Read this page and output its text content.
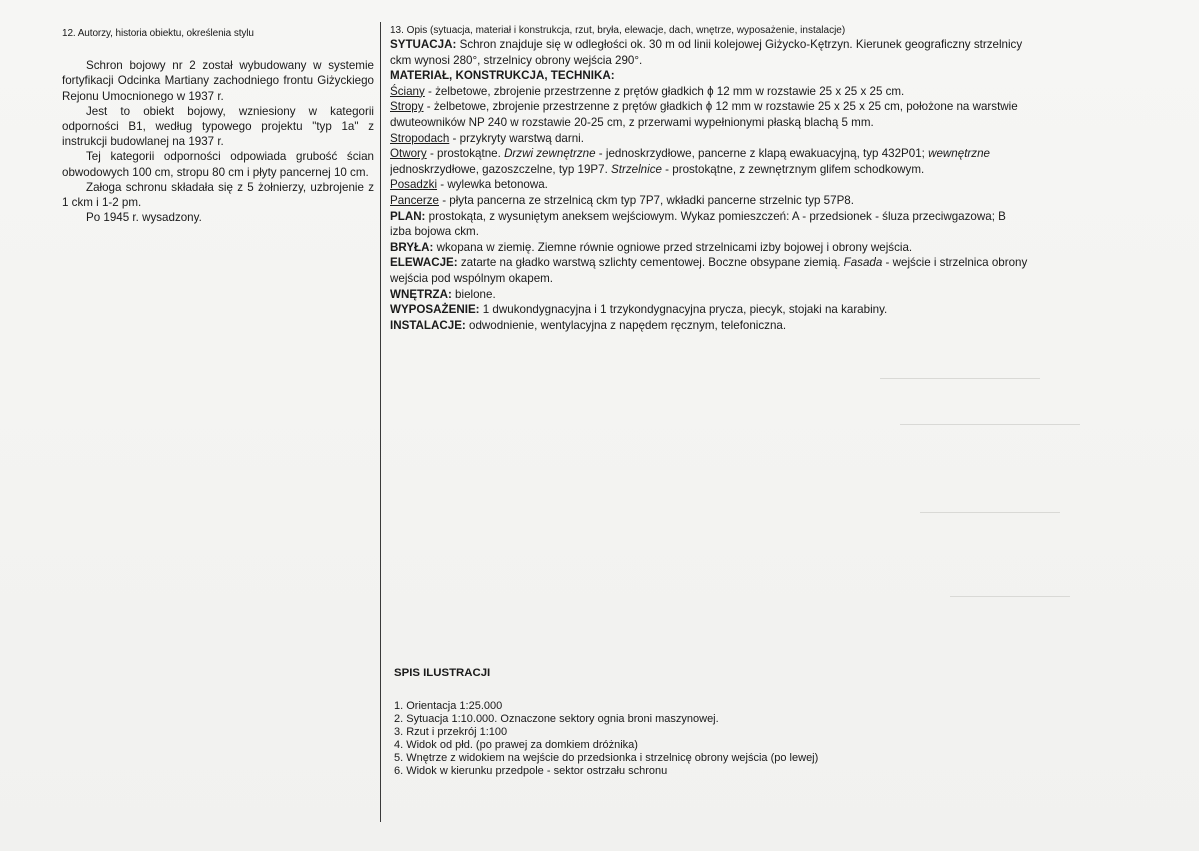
12. Autorzy, historia obiektu, określenia stylu

Schron bojowy nr 2 został wybudowany w systemie fortyfikacji Odcinka Martiany zachodniego frontu Giżyckiego Rejonu Umocnionego w 1937 r.

Jest to obiekt bojowy, wzniesiony w kategorii odporności B1, według typowego projektu "typ 1a" z instrukcji budowlanej na 1937 r.

Tej kategorii odporności odpowiada grubość ścian obwodowych 100 cm, stropu 80 cm i płyty pancernej 10 cm.

Załoga schronu składała się z 5 żołnierzy, uzbrojenie z 1 ckm i 1-2 pm.

Po 1945 r. wysadzony.

13. Opis (sytuacja, materiał i konstrukcja, rzut, bryła, elewacje, dach, wnętrze, wyposażenie, instalacje)
SYTUACJA: Schron znajduje się w odległości ok. 30 m od linii kolejowej Giżycko-Kętrzyn. Kierunek geograficzny strzelnicy
ckm wynosi 280°, strzelnicy obrony wejścia 290°.
MATERIAŁ, KONSTRUKCJA, TECHNIKA:
Ściany - żelbetowe, zbrojenie przestrzenne z prętów gładkich ϕ 12 mm w rozstawie 25 x 25 x 25 cm.
Stropy - żelbetowe, zbrojenie przestrzenne z prętów gładkich ϕ 12 mm w rozstawie 25 x 25 x 25 cm, położone na warstwie
dwuteowników NP 240 w rozstawie 20-25 cm, z przerwami wypełnionymi płaską blachą 5 mm.
Stropodach - przykryty warstwą darni.
Otwory - prostokątne. Drzwi zewnętrzne - jednoskrzydłowe, pancerne z klapą ewakuacyjną, typ 432P01; wewnętrzne
jednoskrzydłowe, gazoszczelne, typ 19P7. Strzelnice - prostokątne, z zewnętrznym glifem schodkowym.
Posadzki - wylewka betonowa.
Pancerze - płyta pancerna ze strzelnicą ckm typ 7P7, wkładki pancerne strzelnic typ 57P8.
PLAN: prostokąta, z wysuniętym aneksem wejściowym. Wykaz pomieszczeń: A - przedsionek - śluza przeciwgazowa; B
izba bojowa ckm.
BRYŁA: wkopana w ziemię. Ziemne równie ogniowe przed strzelnicami izby bojowej i obrony wejścia.
ELEWACJE: zatarte na gładko warstwą szlichty cementowej. Boczne obsypane ziemią. Fasada - wejście i strzelnica obrony
wejścia pod wspólnym okapem.
WNĘTRZA: bielone.
WYPOSAŻENIE: 1 dwukondygnacyjna i 1 trzykondygnacyjna prycza, piecyk, stojaki na karabiny.
INSTALACJE: odwodnienie, wentylacyjna z napędem ręcznym, telefoniczna.
SPIS ILUSTRACJI
1. Orientacja 1:25.000
2. Sytuacja 1:10.000. Oznaczone sektory ognia broni maszynowej.
3. Rzut i przekrój 1:100
4. Widok od płd. (po prawej za domkiem dróżnika)
5. Wnętrze z widokiem na wejście do przedsionka i strzelnicę obrony wejścia (po lewej)
6. Widok w kierunku przedpole - sektor ostrzału schronu
